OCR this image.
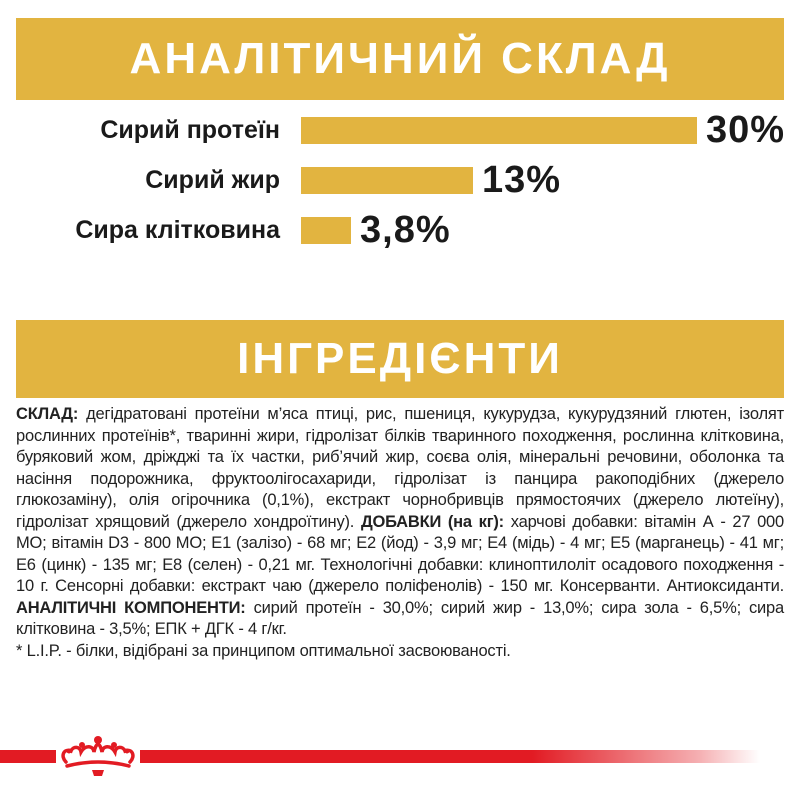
АНАЛІТИЧНИЙ СКЛАД
Сирий протеїн	30%
Сирий жир	13%
Сира клітковина 3,8%
ІНГРЕДІЄНТИ
СКЛАД: дегідратовані протеїни м’яса птиці, рис, пшениця, кукурудза, кукурудзяний глютен, ізолят рослинних протеїнів*, тваринні жири, гідролізат білків тваринного походження, рослинна клітковина, буряковий жом, дріжджі та їх частки, риб’ячий жир, соєва олія, мінеральні речовини, оболонка та насіння подорожника, фруктоолігосахариди, гідролізат із панцира ракоподібних (джерело глюкозаміну), олія огірочника (0,1%), екстракт чорнобривців прямостоячих (джерело лютеїну), гідролізат хрящовий (джерело хондроїтину). ДОБАВКИ (на кг): харчові добавки: вітамін А - 27 000 МО; вітамін D3 - 800 МО; Е1 (залізо) - 68 мг; Е2 (йод) - 3,9 мг; Е4 (мідь) - 4 мг; Е5 (марганець) - 41 мг; Е6 (цинк) - 135 мг; Е8 (селен) - 0,21 мг. Технологічні добавки: клиноптилоліт осадового походження - 10 г. Сенсорні добавки: екстракт чаю (джерело поліфенолів) - 150 мг. Консерванти. Антиоксиданти. АНАЛІТИЧНІ КОМПОНЕНТИ: сирий протеїн - 30,0%; сирий жир - 13,0%; сира зола - 6,5%; сира клітковина - 3,5%; ЕПК + ДГК - 4 г/кг.
* L.I.P. - білки, відібрані за принципом оптимальної засвоюваності.
